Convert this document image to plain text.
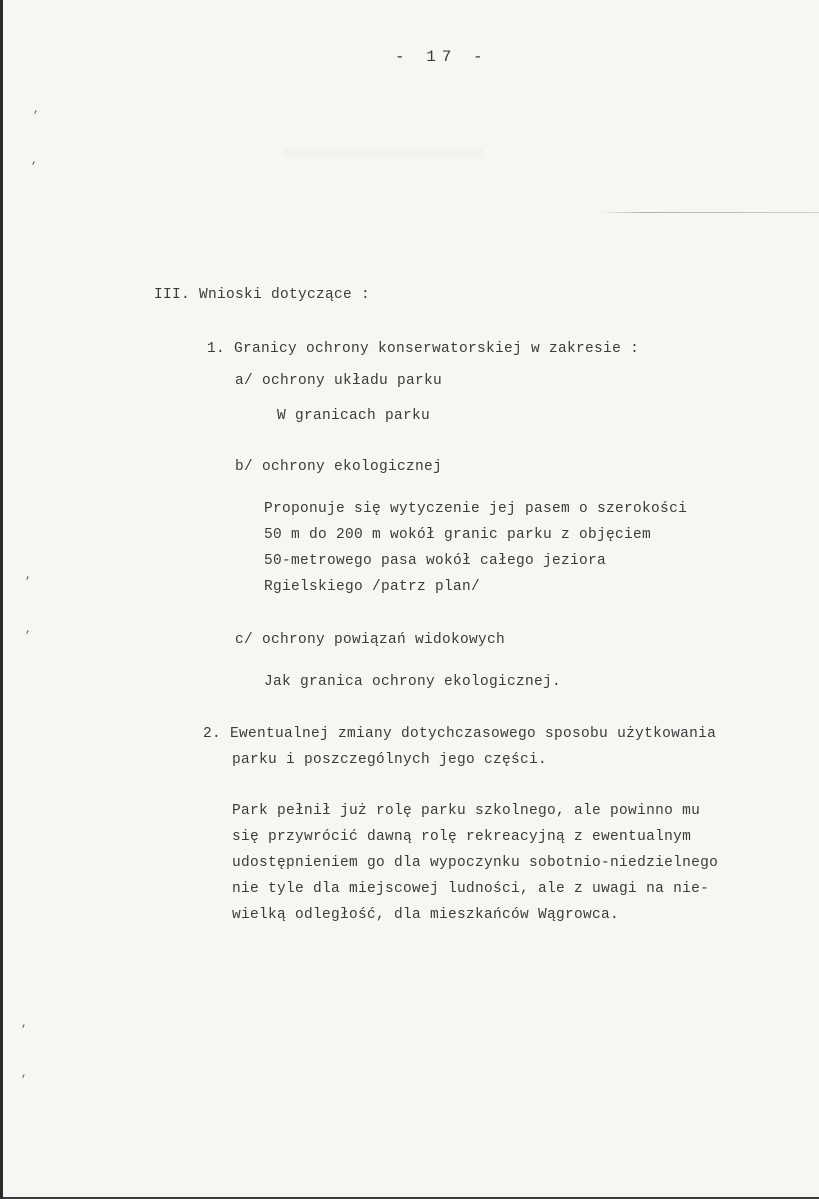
- 17 -
,
,
,
,
,
,
III. Wnioski dotyczące :
1. Granicy ochrony konserwatorskiej w zakresie :
a/ ochrony układu parku
W granicach parku
b/ ochrony ekologicznej
Proponuje się wytyczenie jej pasem o szerokości
50 m do 200 m wokół granic parku z objęciem
50-metrowego pasa wokół całego jeziora
Rgielskiego /patrz plan/
c/ ochrony powiązań widokowych
Jak granica ochrony ekologicznej.
2. Ewentualnej zmiany dotychczasowego sposobu użytkowania
parku i poszczególnych jego części.
Park pełnił już rolę parku szkolnego, ale powinno mu
się przywrócić dawną rolę rekreacyjną z ewentualnym
udostępnieniem go dla wypoczynku sobotnio-niedzielnego
nie tyle dla miejscowej ludności, ale z uwagi na nie-
wielką odległość, dla mieszkańców Wągrowca.
